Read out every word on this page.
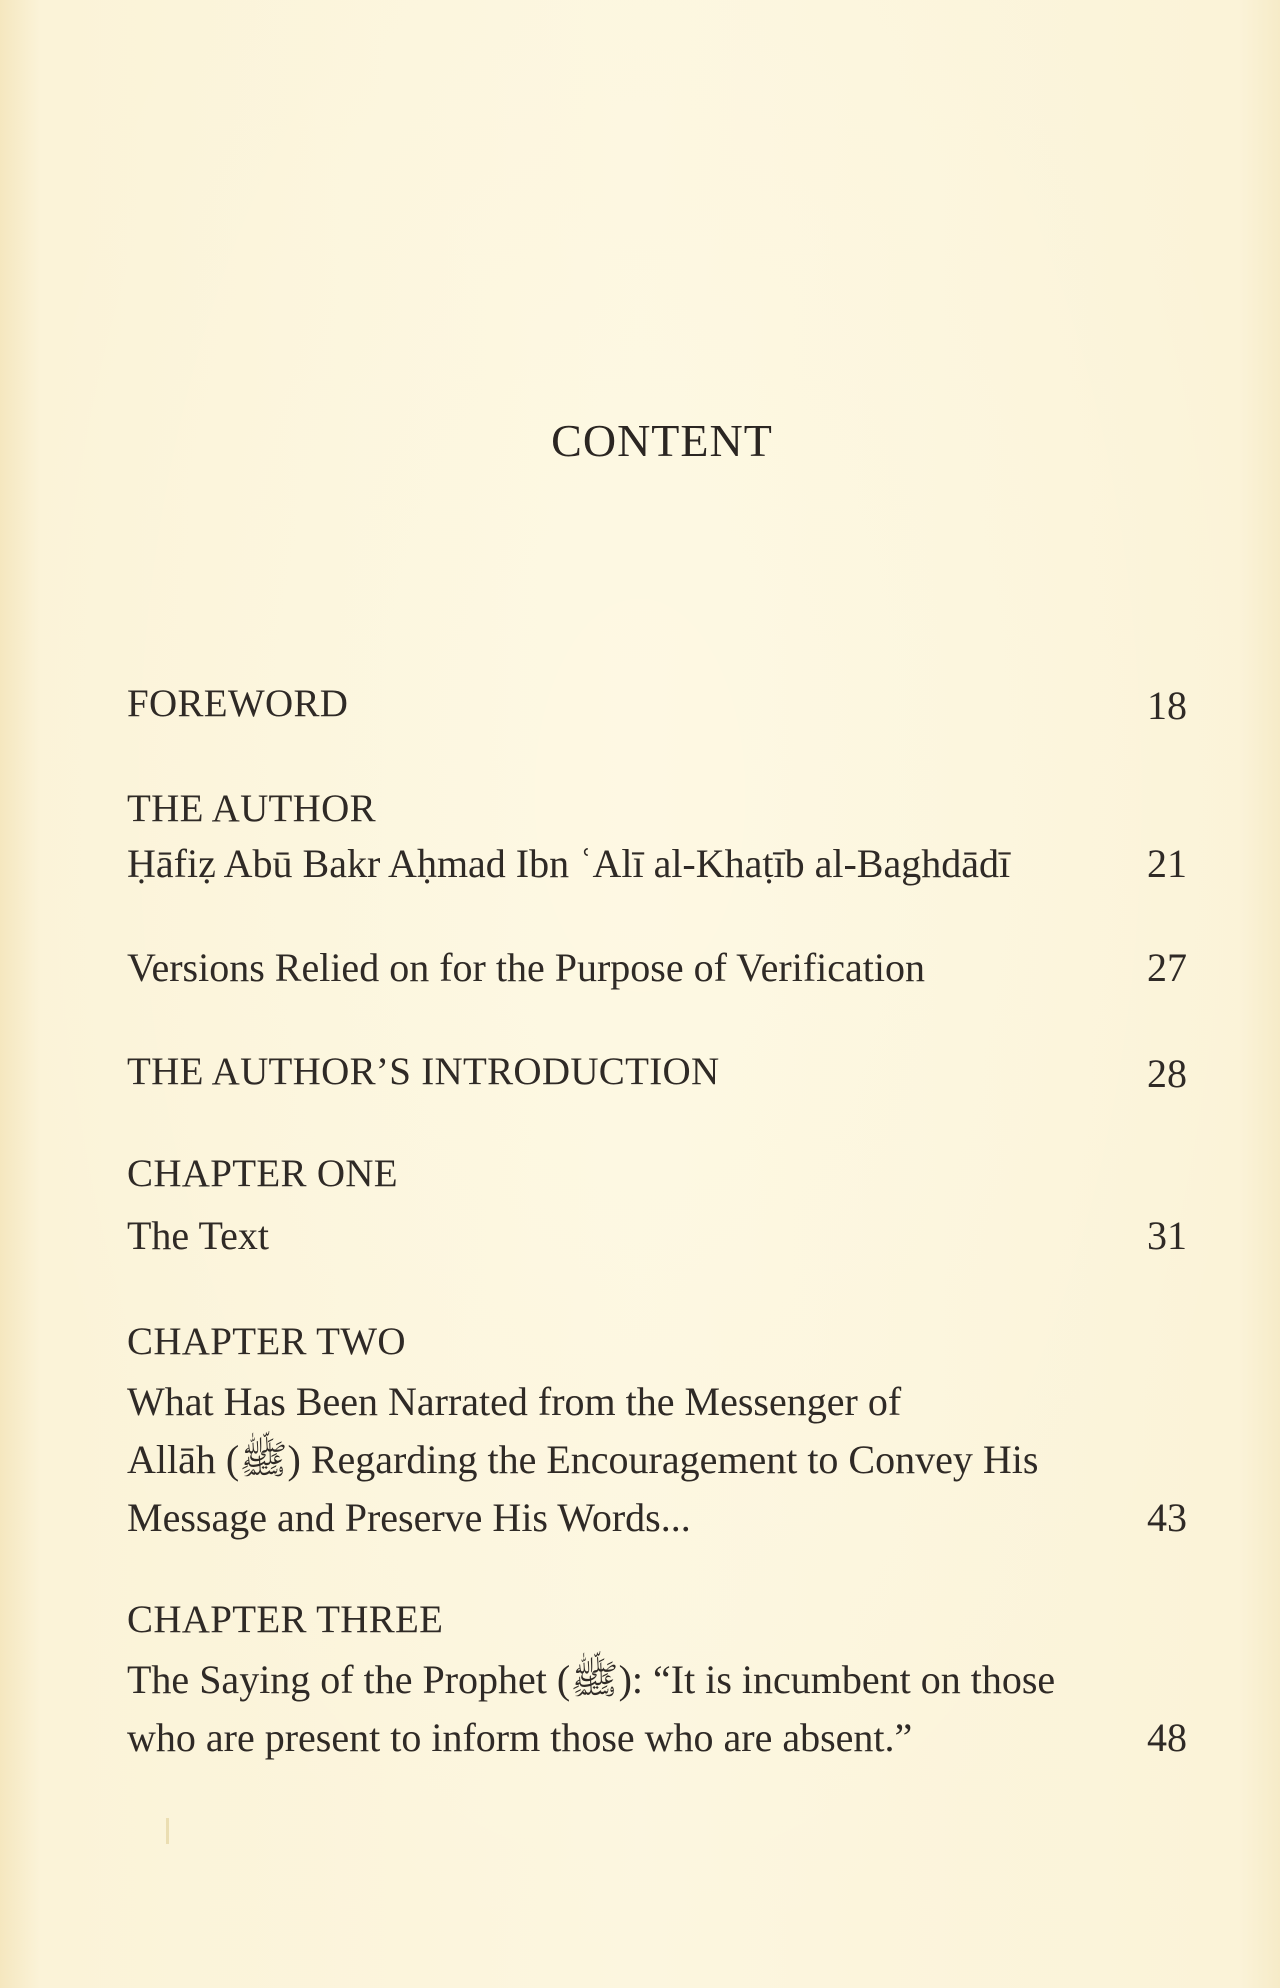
CONTENT
FOREWORD	18
THE AUTHOR
Ḥāfiẓ Abū Bakr Aḥmad Ibn ʿAlī al-Khaṭīb al-Baghdādī	21
Versions Relied on for the Purpose of Verification	27
THE AUTHOR’S INTRODUCTION	28
CHAPTER ONE
The Text	31
CHAPTER TWO
What Has Been Narrated from the Messenger of
Allāh (ﷺ) Regarding the Encouragement to Convey His
Message and Preserve His Words...	43
CHAPTER THREE
The Saying of the Prophet (ﷺ): “It is incumbent on those
who are present to inform those who are absent.”	48
